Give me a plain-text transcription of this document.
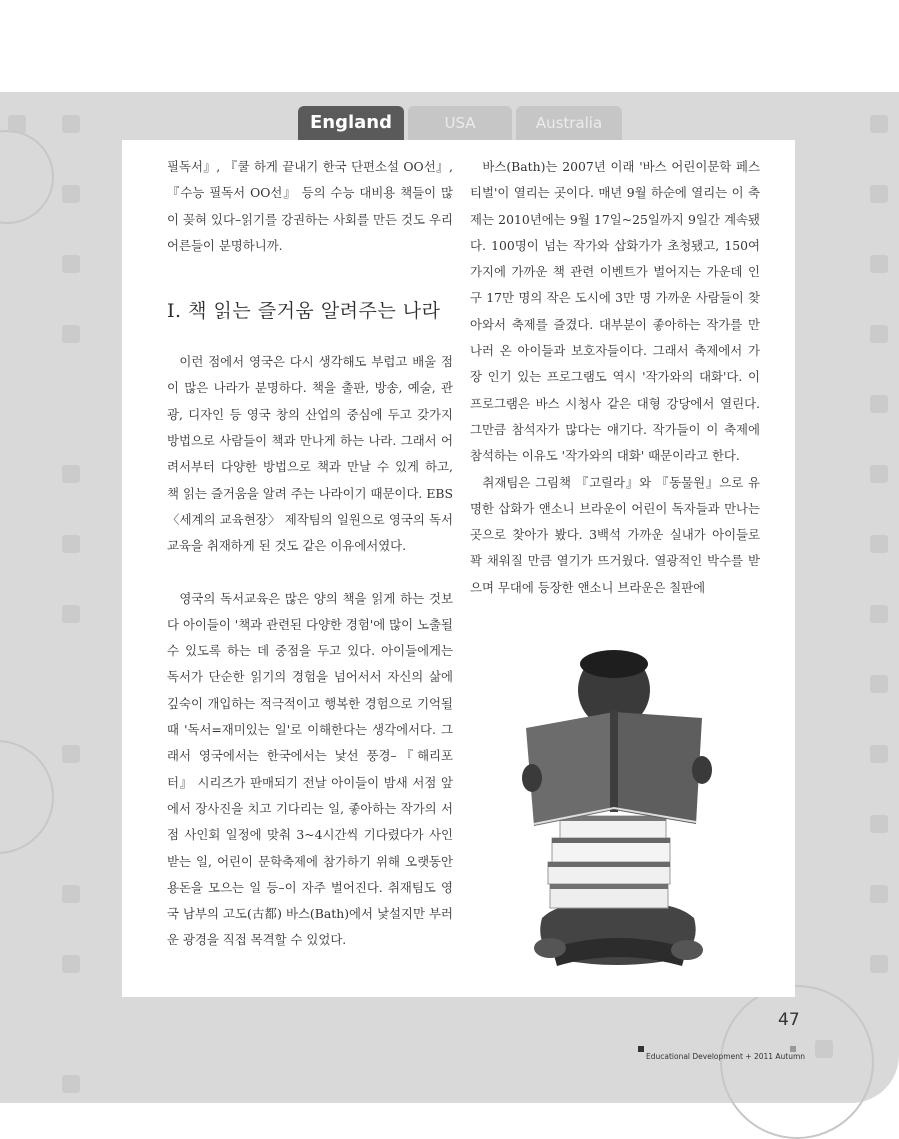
England	USA	Australia

필독서』, 『쿨 하게 끝내기 한국 단편소설 OO선』, 『수능 필독서 OO선』 등의 수능 대비용 책들이 많이 꽂혀 있다–읽기를 강권하는 사회를 만든 것도 우리 어른들이 분명하니까.

Ⅰ. 책 읽는 즐거움 알려주는 나라

이런 점에서 영국은 다시 생각해도 부럽고 배울 점이 많은 나라가 분명하다. 책을 출판, 방송, 예술, 관광, 디자인 등 영국 창의 산업의 중심에 두고 갖가지 방법으로 사람들이 책과 만나게 하는 나라. 그래서 어려서부터 다양한 방법으로 책과 만날 수 있게 하고, 책 읽는 즐거움을 알려 주는 나라이기 때문이다. EBS 〈세계의 교육현장〉 제작팀의 일원으로 영국의 독서교육을 취재하게 된 것도 같은 이유에서였다.

영국의 독서교육은 많은 양의 책을 읽게 하는 것보다 아이들이 '책과 관련된 다양한 경험'에 많이 노출될 수 있도록 하는 데 중점을 두고 있다. 아이들에게는 독서가 단순한 읽기의 경험을 넘어서서 자신의 삶에 깊숙이 개입하는 적극적이고 행복한 경험으로 기억될 때 '독서=재미있는 일'로 이해한다는 생각에서다. 그래서 영국에서는 한국에서는 낯선 풍경–『해리포터』 시리즈가 판매되기 전날 아이들이 밤새 서점 앞에서 장사진을 치고 기다리는 일, 좋아하는 작가의 서점 사인회 일정에 맞춰 3~4시간씩 기다렸다가 사인 받는 일, 어린이 문학축제에 참가하기 위해 오랫동안 용돈을 모으는 일 등–이 자주 벌어진다. 취재팀도 영국 남부의 고도(古都) 바스(Bath)에서 낯설지만 부러운 광경을 직접 목격할 수 있었다.

바스(Bath)는 2007년 이래 '바스 어린이문학 페스티벌'이 열리는 곳이다. 매년 9월 하순에 열리는 이 축제는 2010년에는 9월 17일~25일까지 9일간 계속됐다. 100명이 넘는 작가와 삽화가가 초청됐고, 150여 가지에 가까운 책 관련 이벤트가 벌어지는 가운데 인구 17만 명의 작은 도시에 3만 명 가까운 사람들이 찾아와서 축제를 즐겼다. 대부분이 좋아하는 작가를 만나러 온 아이들과 보호자들이다. 그래서 축제에서 가장 인기 있는 프로그램도 역시 '작가와의 대화'다. 이 프로그램은 바스 시청사 같은 대형 강당에서 열린다. 그만큼 참석자가 많다는 얘기다. 작가들이 이 축제에 참석하는 이유도 '작가와의 대화' 때문이라고 한다.

취재팀은 그림책 『고릴라』와 『동물원』으로 유명한 삽화가 앤소니 브라운이 어린이 독자들과 만나는 곳으로 찾아가 봤다. 3백석 가까운 실내가 아이들로 꽉 채워질 만큼 열기가 뜨거웠다. 열광적인 박수를 받으며 무대에 등장한 앤소니 브라운은 칠판에

47
Educational Development + 2011 Autumn
